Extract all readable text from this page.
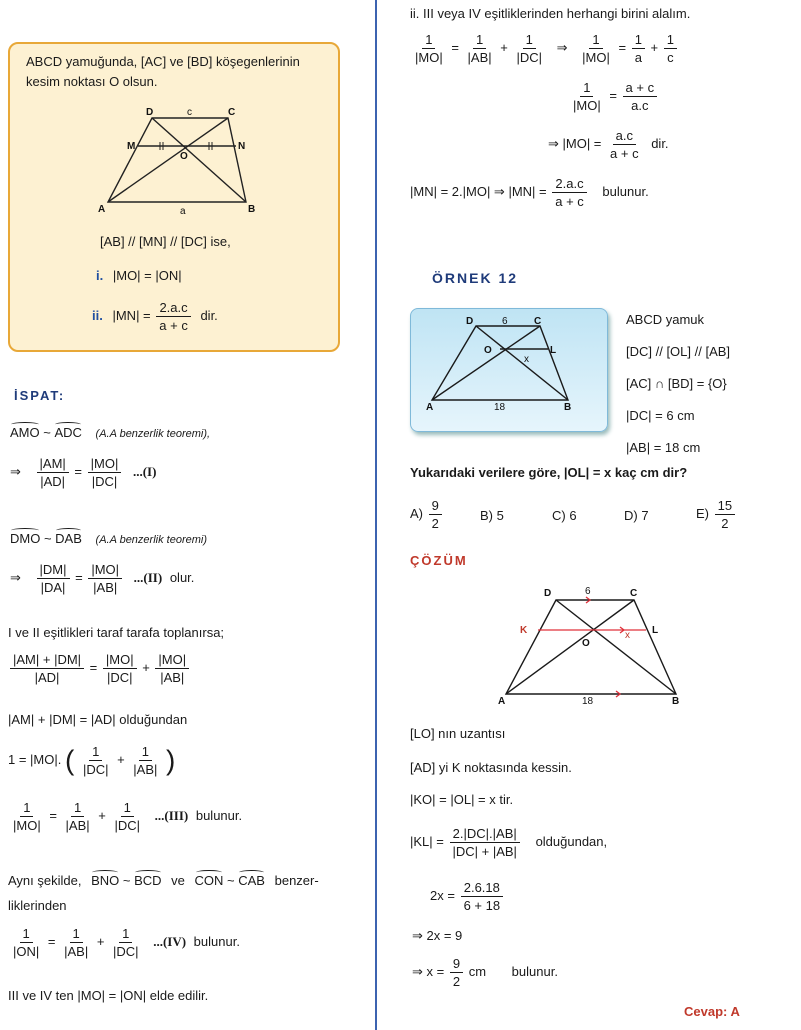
ABCD yamuğunda, [AC] ve [BD] köşegenlerinin
kesim noktası O olsun.
D	C
c
M	N
O
A	a	B
[AB] // [MN] // [DC] ise,
i. |MO| = |ON|
ii. $|MN| = \frac{2.a.c}{a + c}$ dir.
İSPAT:
AMO ~ ADC (A.A benzerlik teoremi),
⇒ $\frac{|AM|}{|AD|} = \frac{|MO|}{|DC|} ...(I)$
DMO ~ DAB (A.A benzerlik teoremi)
⇒ $\frac{|DM|}{|DA|} = \frac{|MO|}{|AB|} ...(II)$ olur.
I ve II eşitlikleri taraf tarafa toplanırsa;
$\frac{|AM| + |DM|}{|AD|} = \frac{|MO|}{|DC|} + \frac{|MO|}{|AB|}$
|AM| + |DM| = |AD| olduğundan
1 = |MO|. ( $\frac{1}{|DC|} + \frac{1}{|AB|}$ )
$\frac{1}{|MO|} = \frac{1}{|AB|} + \frac{1}{|DC|} ...(III)$ bulunur.
Aynı şekilde, BNO ~ BCD ve CON ~ CAB benzer-
liklerinden
$\frac{1}{|ON|} = \frac{1}{|AB|} + \frac{1}{|DC|} ...(IV)$ bulunur.
III ve IV ten |MO| = |ON| elde edilir.
ii. III veya IV eşitliklerinden herhangi birini alalım.
$\frac{1}{|MO|} = \frac{1}{|AB|} + \frac{1}{|DC|}$ ⇒ $\frac{1}{|MO|} = \frac{1}{a} + \frac{1}{c}$
$\frac{1}{|MO|} = \frac{a + c}{a.c}$
⇒ $|MO| = \frac{a.c}{a + c}$ dir.
|MN| = 2.|MO| ⇒ $|MN| = \frac{2.a.c}{a + c}$ bulunur.
ÖRNEK 12
D	6	C
O	L
x
A	18	B
ABCD yamuk
[DC] // [OL] // [AB]
[AC] ∩ [BD] = {O}
|DC| = 6 cm
|AB| = 18 cm
Yukarıdaki verilere göre, |OL| = x kaç cm dir?
$A) \frac{9}{2}$	B) 5	C) 6	D) 7	$E) \frac{15}{2}$
ÇÖZÜM
D	6	C
K	L
O
x
A	18	B
[LO] nın uzantısı
[AD] yi K noktasında kessin.
|KO| = |OL| = x tir.
$|KL| = \frac{2.|DC|.|AB|}{|DC| + |AB|}$ olduğundan,
$2x = \frac{2.6.18}{6 + 18}$
⇒ 2x = 9
⇒ $x = \frac{9}{2}$ cm bulunur.
Cevap: A
